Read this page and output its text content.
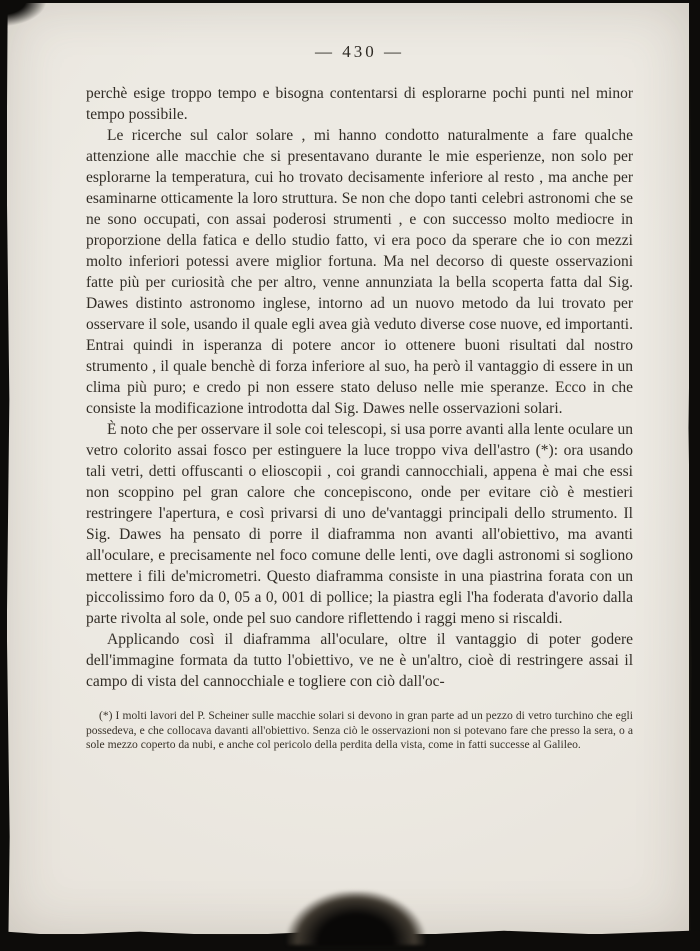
— 430 —

perchè esige troppo tempo e bisogna contentarsi di esplorarne pochi punti nel minor tempo possibile.

Le ricerche sul calor solare , mi hanno condotto naturalmente a fare qualche attenzione alle macchie che si presentavano durante le mie esperienze, non solo per esplorarne la temperatura, cui ho trovato decisamente inferiore al resto , ma anche per esaminarne otticamente la loro struttura. Se non che dopo tanti celebri astronomi che se ne sono occupati, con assai poderosi strumenti , e con successo molto mediocre in proporzione della fatica e dello studio fatto, vi era poco da sperare che io con mezzi molto inferiori potessi avere miglior fortuna. Ma nel decorso di queste osservazioni fatte più per curiosità che per altro, venne annunziata la bella scoperta fatta dal Sig. Dawes distinto astronomo inglese, intorno ad un nuovo metodo da lui trovato per osservare il sole, usando il quale egli avea già veduto diverse cose nuove, ed importanti. Entrai quindi in isperanza di potere ancor io ottenere buoni risultati dal nostro strumento , il quale benchè di forza inferiore al suo, ha però il vantaggio di essere in un clima più puro; e credo pi non essere stato deluso nelle mie speranze. Ecco in che consiste la modificazione introdotta dal Sig. Dawes nelle osservazioni solari.

È noto che per osservare il sole coi telescopi, si usa porre avanti alla lente oculare un vetro colorito assai fosco per estinguere la luce troppo viva dell'astro (*): ora usando tali vetri, detti offuscanti o elioscopii , coi grandi cannocchiali, appena è mai che essi non scoppino pel gran calore che concepiscono, onde per evitare ciò è mestieri restringere l'apertura, e così privarsi di uno de'vantaggi principali dello strumento. Il Sig. Dawes ha pensato di porre il diaframma non avanti all'obiettivo, ma avanti all'oculare, e precisamente nel foco comune delle lenti, ove dagli astronomi si sogliono mettere i fili de'micrometri. Questo diaframma consiste in una piastrina forata con un piccolissimo foro da 0, 05 a 0, 001 di pollice; la piastra egli l'ha foderata d'avorio dalla parte rivolta al sole, onde pel suo candore riflettendo i raggi meno si riscaldi.

Applicando così il diaframma all'oculare, oltre il vantaggio di poter godere dell'immagine formata da tutto l'obiettivo, ve ne è un'altro, cioè di restringere assai il campo di vista del cannocchiale e togliere con ciò dall'oc-

(*) I molti lavori del P. Scheiner sulle macchie solari si devono in gran parte ad un pezzo di vetro turchino che egli possedeva, e che collocava davanti all'obiettivo. Senza ciò le osservazioni non si potevano fare che presso la sera, o a sole mezzo coperto da nubi, e anche col pericolo della perdita della vista, come in fatti successe al Galileo.
